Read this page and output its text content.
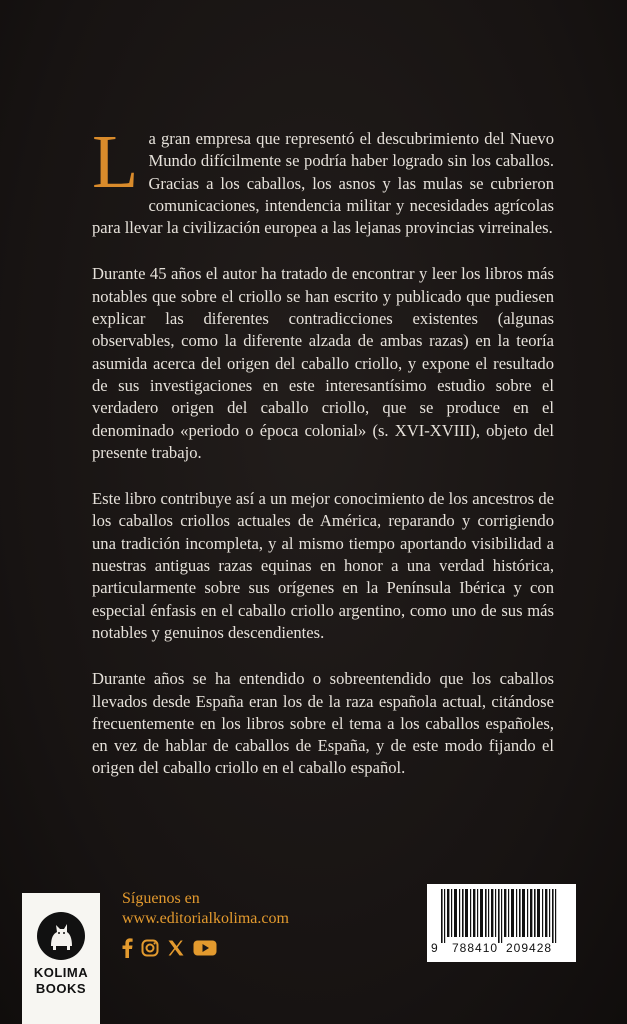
La gran empresa que representó el descubrimiento del Nuevo Mundo difícilmente se podría haber logrado sin los caballos. Gracias a los caballos, los asnos y las mulas se cubrieron comunicaciones, intendencia militar y necesidades agrícolas para llevar la civilización europea a las lejanas provincias virreinales.

Durante 45 años el autor ha tratado de encontrar y leer los libros más notables que sobre el criollo se han escrito y publicado que pudiesen explicar las diferentes contradicciones existentes (algunas observables, como la diferente alzada de ambas razas) en la teoría asumida acerca del origen del caballo criollo, y expone el resultado de sus investigaciones en este interesantísimo estudio sobre el verdadero origen del caballo criollo, que se produce en el denominado «periodo o época colonial» (s. XVI-XVIII), objeto del presente trabajo.

Este libro contribuye así a un mejor conocimiento de los ancestros de los caballos criollos actuales de América, reparando y corrigiendo una tradición incompleta, y al mismo tiempo aportando visibilidad a nuestras antiguas razas equinas en honor a una verdad histórica, particularmente sobre sus orígenes en la Península Ibérica y con especial énfasis en el caballo criollo argentino, como uno de sus más notables y genuinos descendientes.

Durante años se ha entendido o sobreentendido que los caballos llevados desde España eran los de la raza española actual, citándose frecuentemente en los libros sobre el tema a los caballos españoles, en vez de hablar de caballos de España, y de este modo fijando el origen del caballo criollo en el caballo español.

KOLIMA
BOOKS
Síguenos en
www.editorialkolima.com
9 788410 209428
